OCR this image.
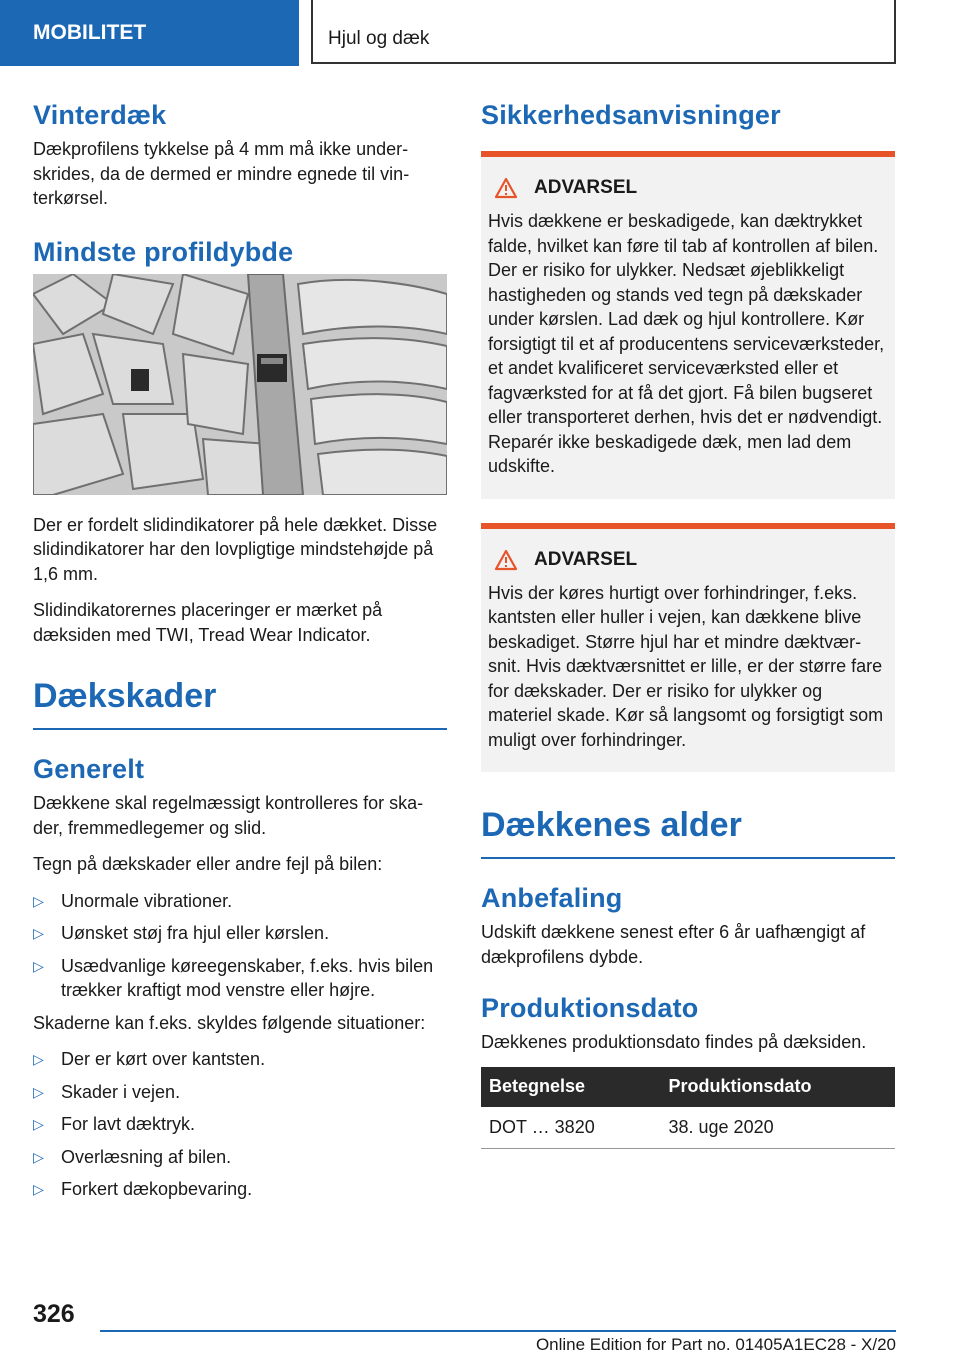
MOBILITET	Hjul og dæk
Vinterdæk

Dækprofilens tykkelse på 4 mm må ikke underskrides, da de dermed er mindre egnede til vinterkørsel.

Mindste profildybde

Der er fordelt slidindikatorer på hele dækket. Disse slidindikatorer har den lovpligtige mindstehøjde på 1,6 mm.

Slidindikatorernes placeringer er mærket på dæksiden med TWI, Tread Wear Indicator.

Dækskader
Generelt

Dækkene skal regelmæssigt kontrolleres for skader, fremmedlegemer og slid.

Tegn på dækskader eller andre fejl på bilen:

▷ Unormale vibrationer.
▷ Uønsket støj fra hjul eller kørslen.
▷ Usædvanlige køreegenskaber, f.eks. hvis bilen trækker kraftigt mod venstre eller højre.

Skaderne kan f.eks. skyldes følgende situationer:

▷ Der er kørt over kantsten.
▷ Skader i vejen.
▷ For lavt dæktryk.
▷ Overlæsning af bilen.
▷ Forkert dækopbevaring.
Sikkerhedsanvisninger
ADVARSEL

Hvis dækkene er beskadigede, kan dæktrykket falde, hvilket kan føre til tab af kontrollen af bilen. Der er risiko for ulykker. Nedsæt øjeblikkeligt hastigheden og stands ved tegn på dækskader under kørslen. Lad dæk og hjul kontrollere. Kør forsigtigt til et af producentens serviceværksteder, et andet kvalificeret serviceværksted eller et fagværksted for at få det gjort. Få bilen bugseret eller transporteret derhen, hvis det er nødvendigt. Reparér ikke beskadigede dæk, men lad dem udskifte.

ADVARSEL

Hvis der køres hurtigt over forhindringer, f.eks. kantsten eller huller i vejen, kan dækkene blive beskadiget. Større hjul har et mindre dæktværsnit. Hvis dæktværsnittet er lille, er der større fare for dækskader. Der er risiko for ulykker og materiel skade. Kør så langsomt og forsigtigt som muligt over forhindringer.

Dækkenes alder
Anbefaling

Udskift dækkene senest efter 6 år uafhængigt af dækprofilens dybde.

Produktionsdato

Dækkenes produktionsdato findes på dæksiden.

Betegnelse	Produktionsdato
DOT … 3820	38. uge 2020
326
Online Edition for Part no. 01405A1EC28 - X/20
